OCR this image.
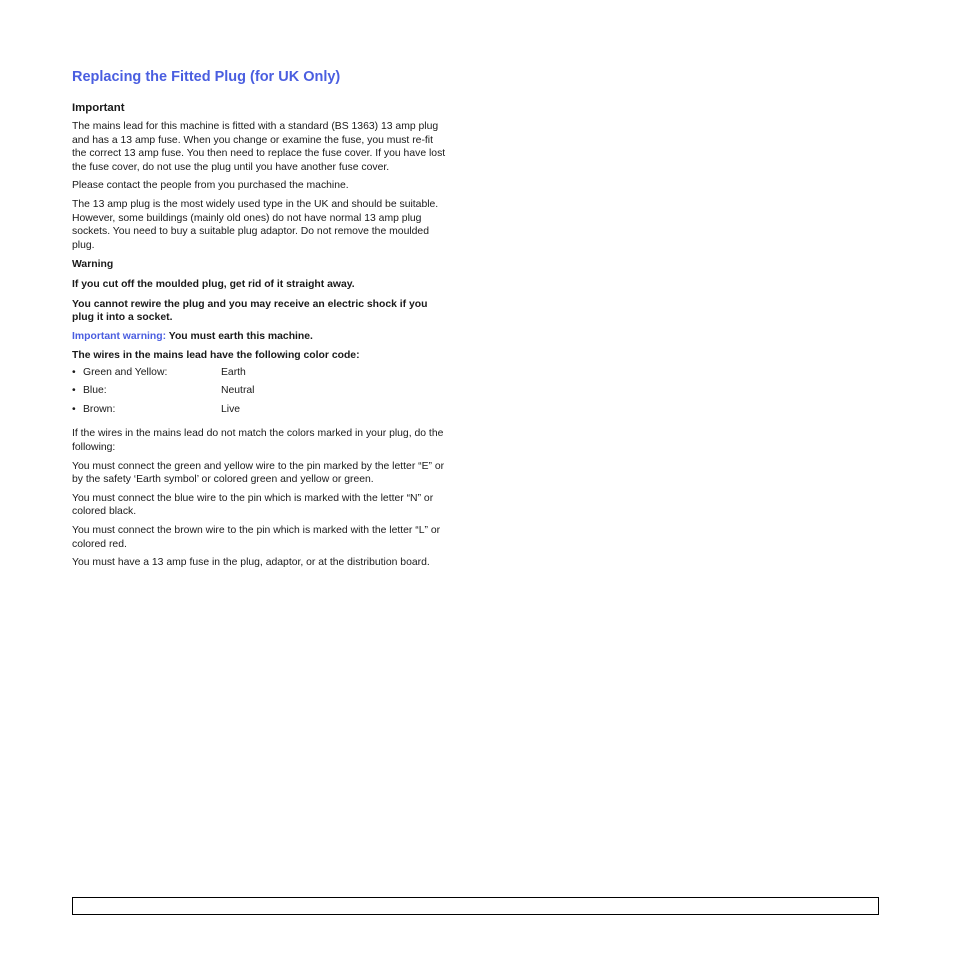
Replacing the Fitted Plug (for UK Only)

Important

The mains lead for this machine is fitted with a standard (BS 1363) 13 amp plug and has a 13 amp fuse. When you change or examine the fuse, you must re-fit the correct 13 amp fuse. You then need to replace the fuse cover. If you have lost the fuse cover, do not use the plug until you have another fuse cover.

Please contact the people from you purchased the machine.

The 13 amp plug is the most widely used type in the UK and should be suitable. However, some buildings (mainly old ones) do not have normal 13 amp plug sockets. You need to buy a suitable plug adaptor. Do not remove the moulded plug.

Warning

If you cut off the moulded plug, get rid of it straight away.

You cannot rewire the plug and you may receive an electric shock if you plug it into a socket.

Important warning: You must earth this machine.

The wires in the mains lead have the following color code:

• Green and Yellow:	Earth
• Blue:	Neutral
• Brown:	Live

If the wires in the mains lead do not match the colors marked in your plug, do the following:

You must connect the green and yellow wire to the pin marked by the letter “E” or by the safety ‘Earth symbol’ or colored green and yellow or green.

You must connect the blue wire to the pin which is marked with the letter “N” or colored black.

You must connect the brown wire to the pin which is marked with the letter “L” or colored red.

You must have a 13 amp fuse in the plug, adaptor, or at the distribution board.
